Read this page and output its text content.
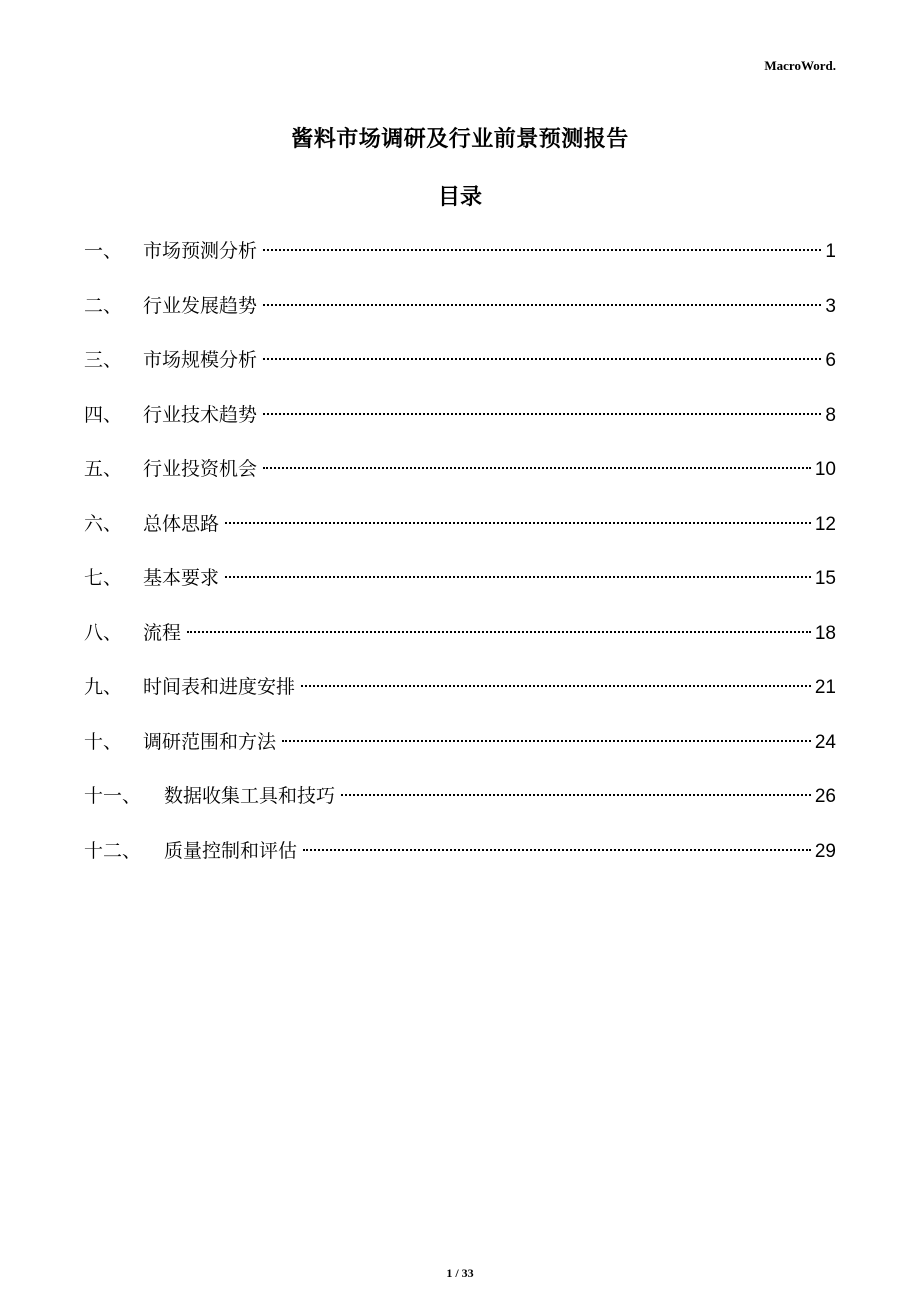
MacroWord.
酱料市场调研及行业前景预测报告
目录
一、	市场预测分析	1
二、	行业发展趋势	3
三、	市场规模分析	6
四、	行业技术趋势	8
五、	行业投资机会	10
六、	总体思路	12
七、	基本要求	15
八、	流程	18
九、	时间表和进度安排	21
十、	调研范围和方法	24
十一、	数据收集工具和技巧	26
十二、	质量控制和评估	29
1 / 33
